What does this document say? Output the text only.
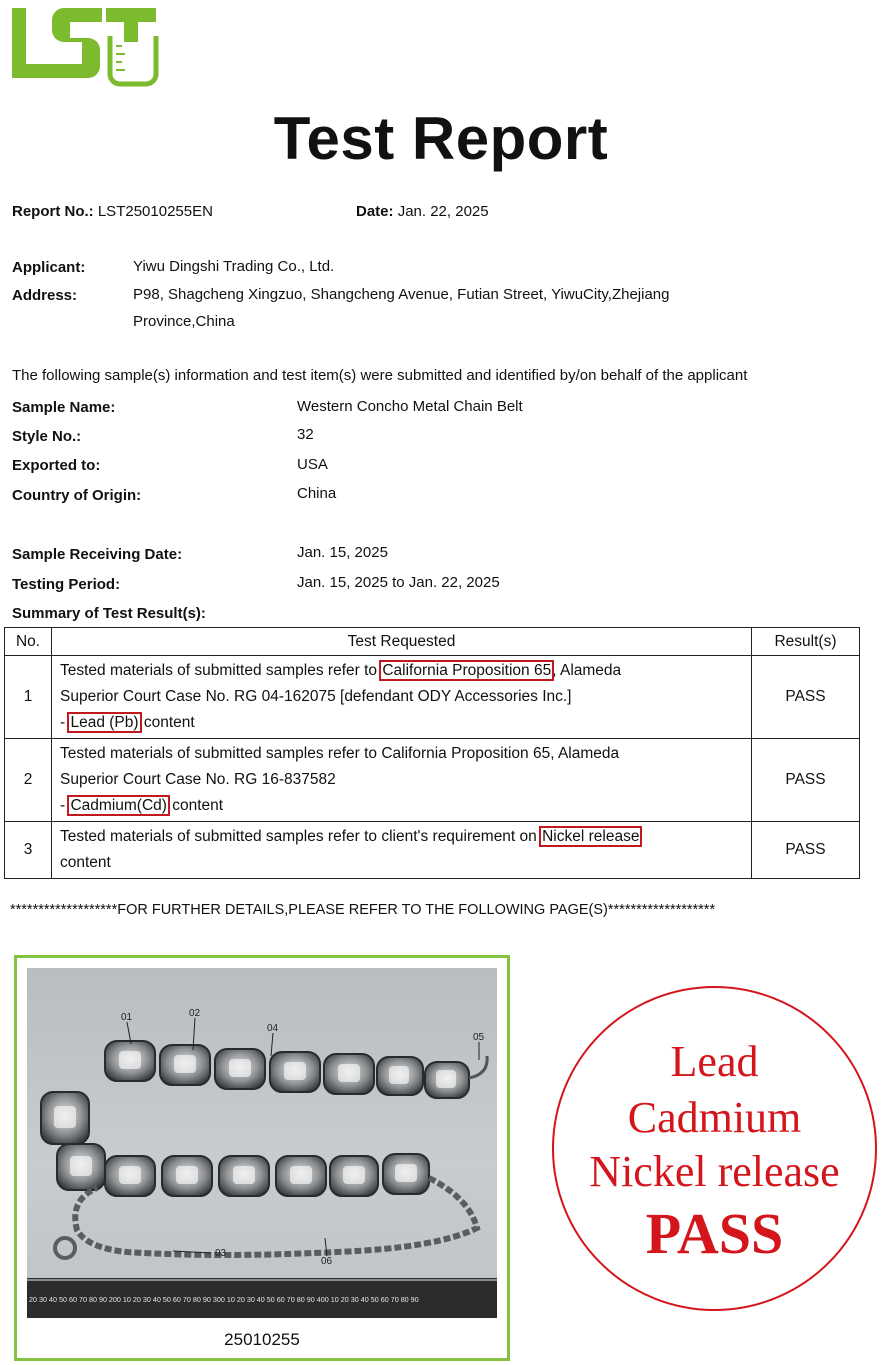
Test Report
Report No.: LST25010255EN	Date: Jan. 22, 2025
Applicant:	Yiwu Dingshi Trading Co., Ltd.
Address:	P98, Shagcheng Xingzuo, Shangcheng Avenue, Futian Street, YiwuCity,Zhejiang
Province,China
The following sample(s) information and test item(s) were submitted and identified by/on behalf of the applicant
Sample Name:	Western Concho Metal Chain Belt
Style No.:	32
Exported to:	USA
Country of Origin:	China
Sample Receiving Date:	Jan. 15, 2025
Testing Period:	Jan. 15, 2025 to Jan. 22, 2025
Summary of Test Result(s):
No.	Test Requested	Result(s)
1	Tested materials of submitted samples refer to California Proposition 65, Alameda
Superior Court Case No. RG 04-162075 [defendant ODY Accessories Inc.]
- Lead (Pb) content	PASS
2	Tested materials of submitted samples refer to California Proposition 65, Alameda
Superior Court Case No. RG 16-837582
- Cadmium(Cd) content	PASS
3	Tested materials of submitted samples refer to client's requirement on Nickel release
content	PASS
*******************FOR FURTHER DETAILS,PLEASE REFER TO THE FOLLOWING PAGE(S)*******************
01	02
03
04
05
06
20 30 40 50 60 70 80 90 200 10 20 30 40 50 60 70 80 90 300 10 20 30 40 50 60 70 80 90 400 10 20 30 40 50 60 70 80 90
25010255
Lead
Cadmium
Nickel release
PASS
